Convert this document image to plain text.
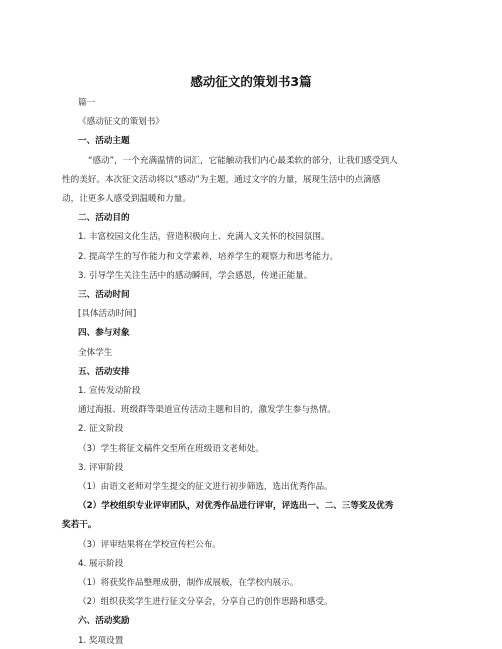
感动征文的策划书3篇
篇一
《感动征文的策划书》
一、活动主题
“感动”，一个充满温情的词汇，它能触动我们内心最柔软的部分，让我们感受到人
性的美好。本次征文活动将以“感动”为主题，通过文字的力量，展现生活中的点滴感
动，让更多人感受到温暖和力量。
二、活动目的
1. 丰富校园文化生活，营造积极向上、充满人文关怀的校园氛围。
2. 提高学生的写作能力和文学素养，培养学生的观察力和思考能力。
3. 引导学生关注生活中的感动瞬间，学会感恩，传递正能量。
三、活动时间
[具体活动时间]
四、参与对象
全体学生
五、活动安排
1. 宣传发动阶段
通过海报、班级群等渠道宣传活动主题和目的，激发学生参与热情。
2. 征文阶段
（3）学生将征文稿件交至所在班级语文老师处。
3. 评审阶段
（1）由语文老师对学生提交的征文进行初步筛选，选出优秀作品。
（2）学校组织专业评审团队，对优秀作品进行评审，评选出一、二、三等奖及优秀
奖若干。
（3）评审结果将在学校宣传栏公布。
4. 展示阶段
（1）将获奖作品整理成册，制作成展板，在学校内展示。
（2）组织获奖学生进行征文分享会，分享自己的创作思路和感受。
六、活动奖励
1. 奖项设置
